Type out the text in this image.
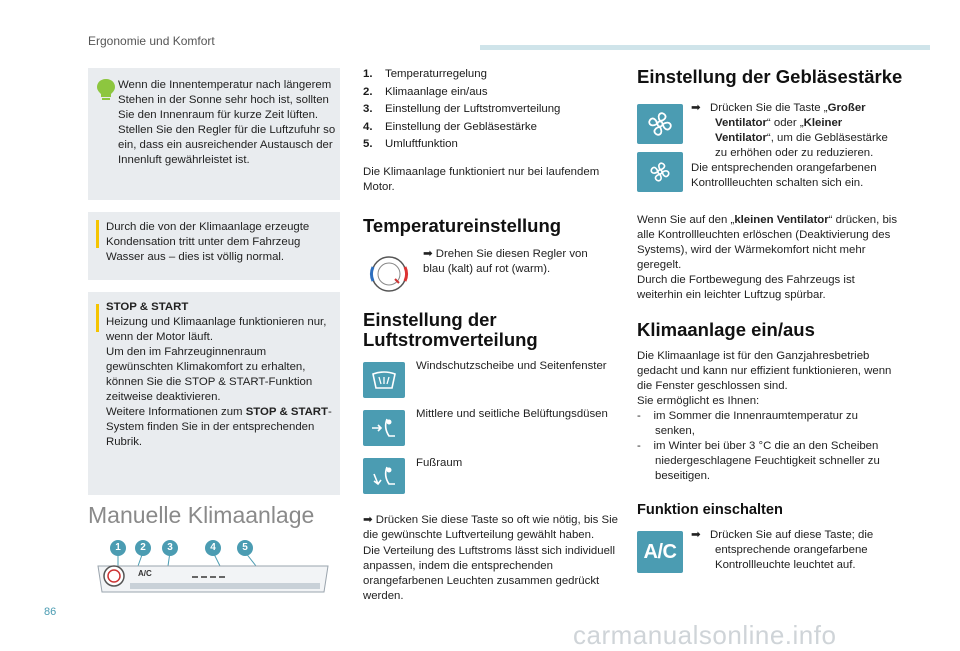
Ergonomie und Komfort

Wenn die Innentemperatur nach längerem Stehen in der Sonne sehr hoch ist, sollten Sie den Innenraum für kurze Zeit lüften. Stellen Sie den Regler für die Luftzufuhr so ein, dass ein ausreichender Austausch der Innenluft gewährleistet ist.

Durch die von der Klimaanlage erzeugte Kondensation tritt unter dem Fahrzeug Wasser aus – dies ist völlig normal.

STOP & START

Heizung und Klimaanlage funktionieren nur, wenn der Motor läuft.

Um den im Fahrzeuginnenraum gewünschten Klimakomfort zu erhalten, können Sie die STOP & START-Funktion zeitweise deaktivieren.

Weitere Informationen zum STOP & START-System finden Sie in der entsprechenden Rubrik.

Manuelle Klimaanlage
1	2	3	4	5
A/C
1. Temperaturregelung
2. Klimaanlage ein/aus
3. Einstellung der Luftstromverteilung
4. Einstellung der Gebläsestärke
5. Umluftfunktion

Die Klimaanlage funktioniert nur bei laufendem Motor.

Temperatureinstellung

➡ Drehen Sie diesen Regler von blau (kalt) auf rot (warm).

Einstellung der
Luftstromverteilung

Windschutzscheibe und Seitenfenster

Mittlere und seitliche Belüftungsdüsen

Fußraum

➡ Drücken Sie diese Taste so oft wie nötig, bis Sie die gewünschte Luftverteilung gewählt haben.

Die Verteilung des Luftstroms lässt sich individuell anpassen, indem die entsprechenden orangefarbenen Leuchten zusammen gedrückt werden.

Einstellung der Gebläsestärke

➡   Drücken Sie die Taste „Großer Ventilator“ oder „Kleiner Ventilator“, um die Gebläsestärke zu erhöhen oder zu reduzieren.

Die entsprechenden orangefarbenen Kontrollleuchten schalten sich ein.

Wenn Sie auf den „kleinen Ventilator“ drücken, bis alle Kontrollleuchten erlöschen (Deaktivierung des Systems), wird der Wärmekomfort nicht mehr geregelt.

Durch die Fortbewegung des Fahrzeugs ist weiterhin ein leichter Luftzug spürbar.

Klimaanlage ein/aus

Die Klimaanlage ist für den Ganzjahresbetrieb gedacht und kann nur effizient funktionieren, wenn die Fenster geschlossen sind.

Sie ermöglicht es Ihnen:

-    im Sommer die Innenraumtemperatur zu senken,

-    im Winter bei über 3 °C die an den Scheiben niedergeschlagene Feuchtigkeit schneller zu beseitigen.

Funktion einschalten
A/C

➡   Drücken Sie auf diese Taste; die entsprechende orangefarbene Kontrollleuchte leuchtet auf.

86
carmanualsonline.info
